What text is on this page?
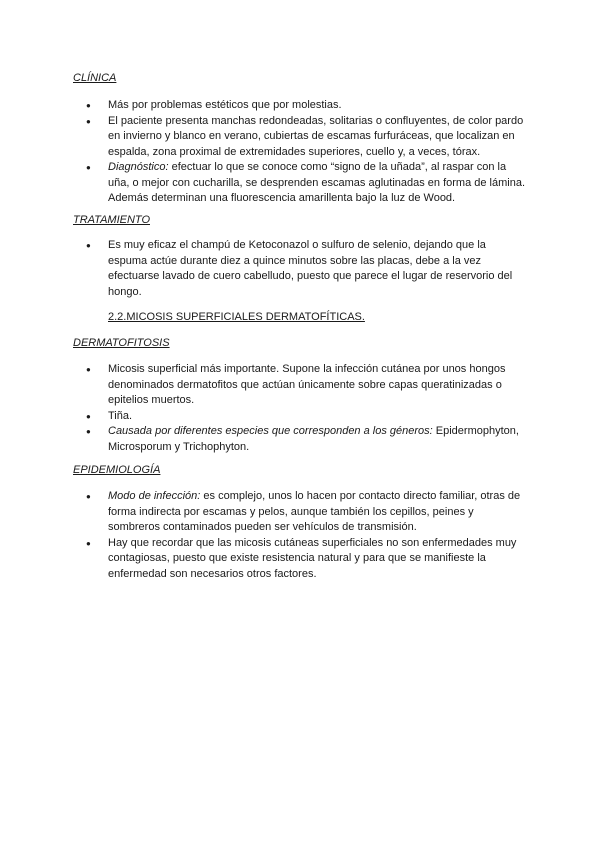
CLÍNICA
● Más por problemas estéticos que por molestias.
● El paciente presenta manchas redondeadas, solitarias o confluyentes, de color pardo en invierno y blanco en verano, cubiertas de escamas furfuráceas, que localizan en espalda, zona proximal de extremidades superiores, cuello y, a veces, tórax.
● Diagnóstico: efectuar lo que se conoce como “signo de la uñada”, al raspar con la uña, o mejor con cucharilla, se desprenden escamas aglutinadas en forma de lámina. Además determinan una fluorescencia amarillenta bajo la luz de Wood.
TRATAMIENTO
● Es muy eficaz el champú de Ketoconazol o sulfuro de selenio, dejando que la espuma actúe durante diez a quince minutos sobre las placas, debe a la vez efectuarse lavado de cuero cabelludo, puesto que parece el lugar de reservorio del hongo.
2.2.MICOSIS SUPERFICIALES DERMATOFÍTICAS.
DERMATOFITOSIS
● Micosis superficial más importante. Supone la infección cutánea por unos hongos denominados dermatofitos que actúan únicamente sobre capas queratinizadas o epitelios muertos.
● Tiña.
● Causada por diferentes especies que corresponden a los géneros: Epidermophyton, Microsporum y Trichophyton.
EPIDEMIOLOGÍA
● Modo de infección: es complejo, unos lo hacen por contacto directo familiar, otras de forma indirecta por escamas y pelos, aunque también los cepillos, peines y sombreros contaminados pueden ser vehículos de transmisión.
● Hay que recordar que las micosis cutáneas superficiales no son enfermedades muy contagiosas, puesto que existe resistencia natural y para que se manifieste la enfermedad son necesarios otros factores.
